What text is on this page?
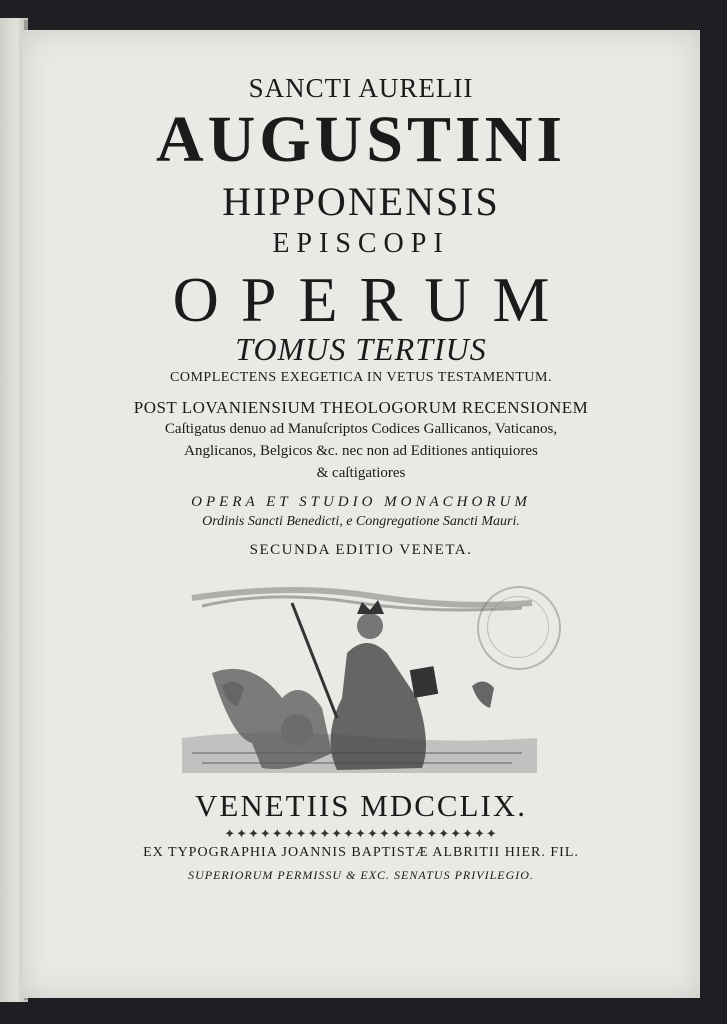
SANCTI AURELII
AUGUSTINI
HIPPONENSIS
EPISCOPI
OPERUM
TOMUS TERTIUS
COMPLECTENS EXEGETICA IN VETUS TESTAMENTUM.
POST LOVANIENSIUM THEOLOGORUM RECENSIONEM
Caſtigatus denuo ad Manuſcriptos Codices Gallicanos, Vaticanos,
Anglicanos, Belgicos &c. nec non ad Editiones antiquiores
& caſtigatiores
OPERA ET STUDIO MONACHORUM
Ordinis Sancti Benedicti, e Congregatione Sancti Mauri.
SECUNDA EDITIO VENETA.
VENETIIS MDCCLIX.
✦✦✦✦✦✦✦✦✦✦✦✦✦✦✦✦✦✦✦✦✦✦✦
EX TYPOGRAPHIA JOANNIS BAPTISTÆ ALBRITII HIER. FIL.
SUPERIORUM PERMISSU & EXC. SENATUS PRIVILEGIO.
